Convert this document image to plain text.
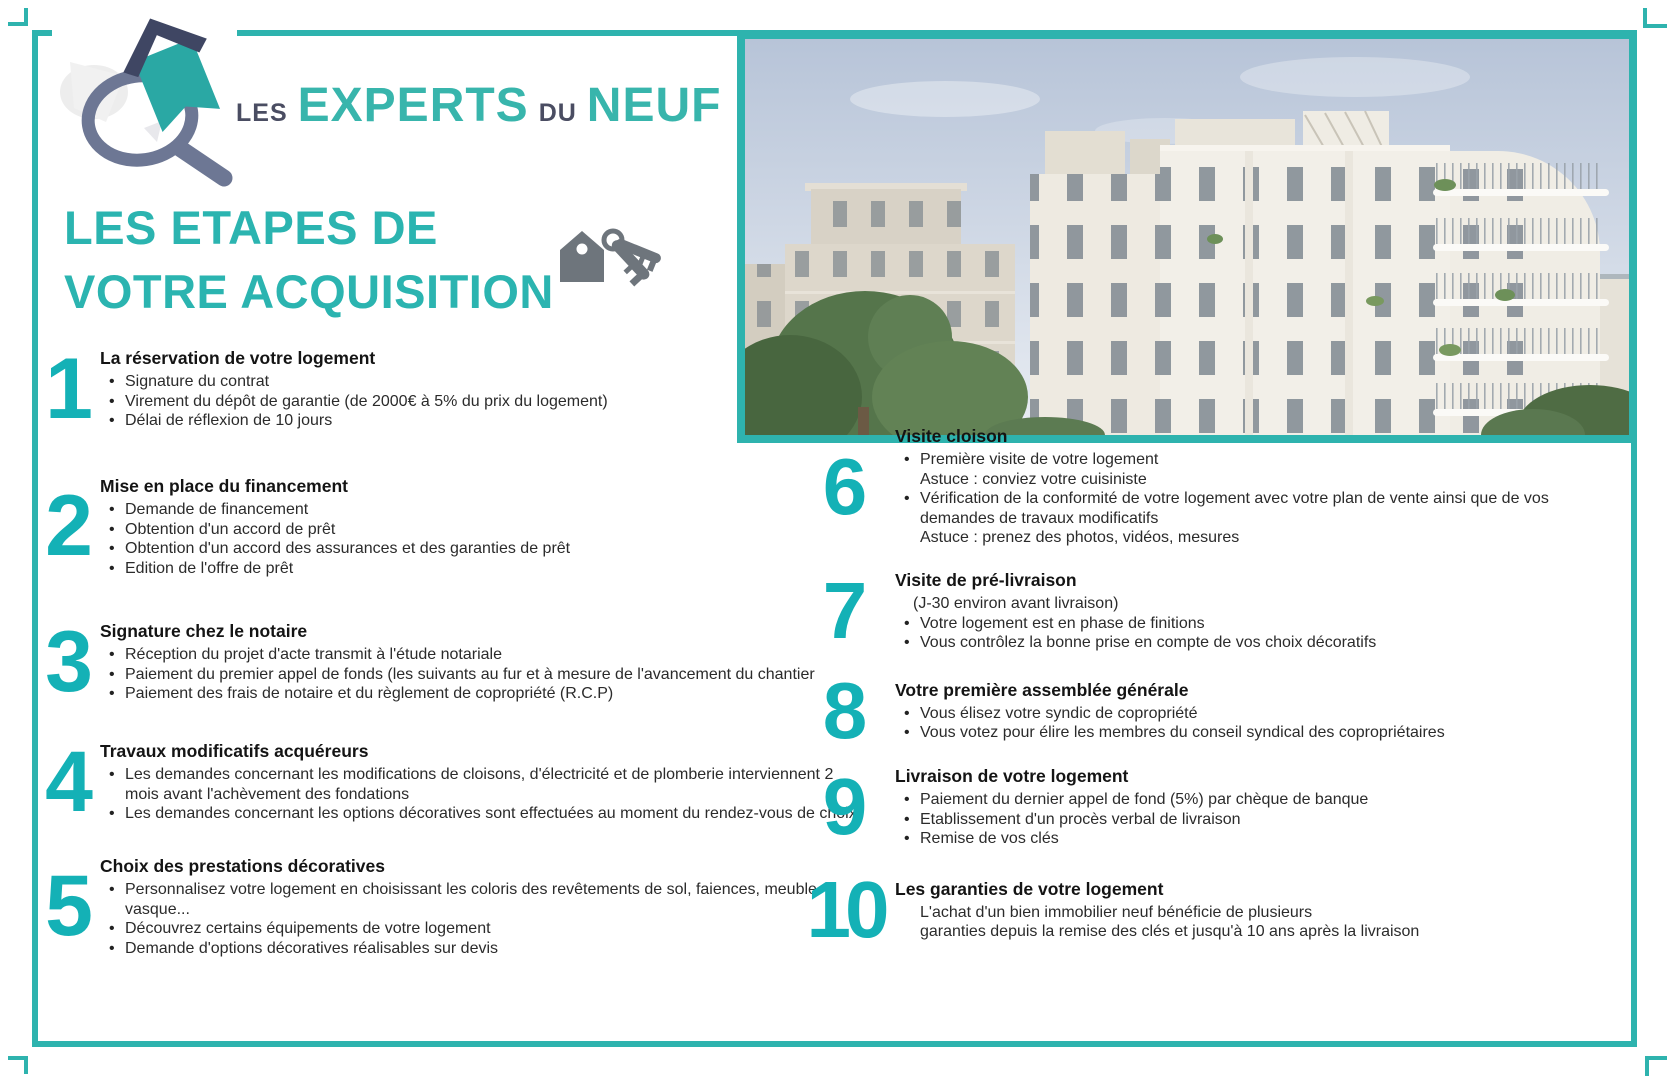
LES EXPERTS DU NEUF
LES ETAPES DE
VOTRE ACQUISITION
1 La réservation de votre logement
• Signature du contrat
• Virement du dépôt de garantie (de 2000€ à 5% du prix du logement)
• Délai de réflexion de 10 jours
2 Mise en place du financement
• Demande de financement
• Obtention d'un accord de prêt
• Obtention d'un accord des assurances et des garanties de prêt
• Edition de l'offre de prêt
3 Signature chez le notaire
• Réception du projet d'acte transmit à l'étude notariale
• Paiement du premier appel de fonds (les suivants au fur et à mesure de l'avancement du chantier
• Paiement des frais de notaire et du règlement de copropriété (R.C.P)
4 Travaux modificatifs acquéreurs
• Les demandes concernant les modifications de cloisons, d'électricité et de plomberie interviennent 2
mois avant l'achèvement des fondations
• Les demandes concernant les options décoratives sont effectuées au moment du rendez-vous de choix
5 Choix des prestations décoratives
• Personnalisez votre logement en choisissant les coloris des revêtements de sol, faiences, meuble
vasque...
• Découvrez certains équipements de votre logement
• Demande d'options décoratives réalisables sur devis
6
Visite cloison
• Première visite de votre logement
Astuce : conviez votre cuisiniste
• Vérification de la conformité de votre logement avec votre plan de vente ainsi que de vos
demandes de travaux modificatifs
Astuce : prenez des photos, vidéos, mesures
7	Visite de pré-livraison
(J-30 environ avant livraison)
• Votre logement est en phase de finitions
• Vous contrôlez la bonne prise en compte de vos choix décoratifs
8	Votre première assemblée générale
• Vous élisez votre syndic de copropriété
• Vous votez pour élire les membres du conseil syndical des copropriétaires
9	Livraison de votre logement
• Paiement du dernier appel de fond (5%) par chèque de banque
• Etablissement d'un procès verbal de livraison
• Remise de vos clés
10 Les garanties de votre logement
L'achat d'un bien immobilier neuf bénéficie de plusieurs
garanties depuis la remise des clés et jusqu'à 10 ans après la livraison
